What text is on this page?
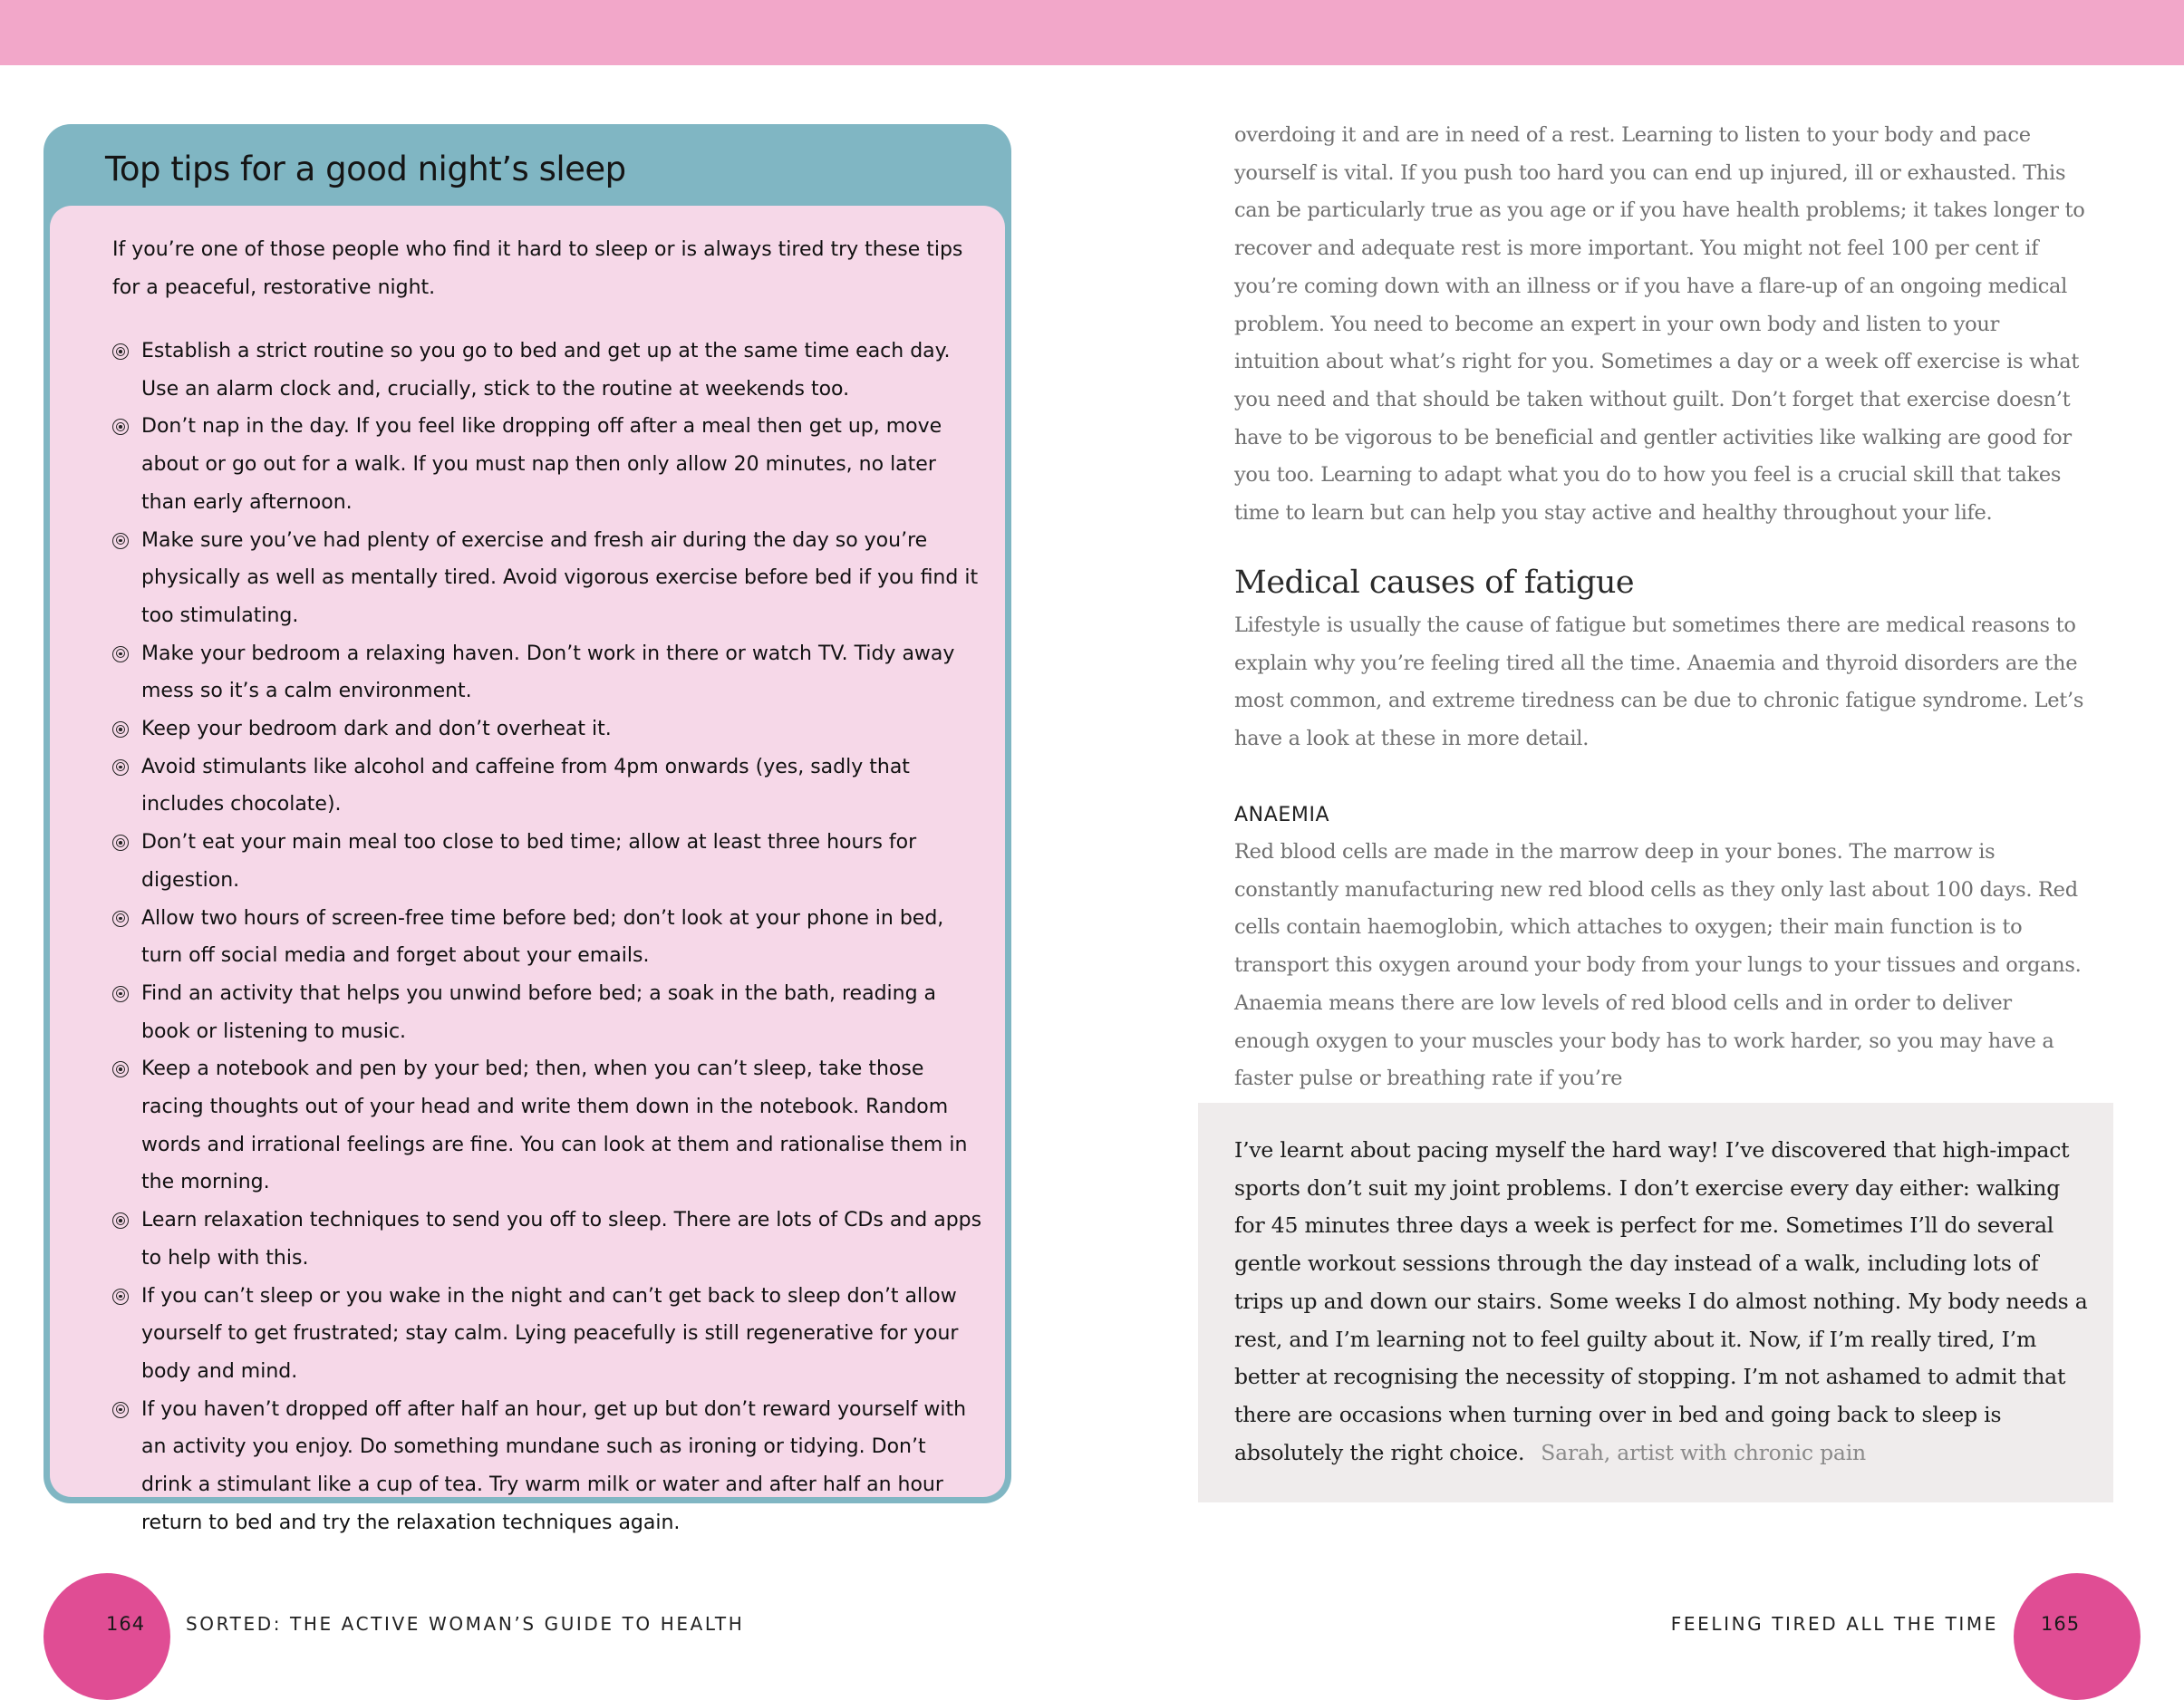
Top tips for a good night’s sleep

If you’re one of those people who find it hard to sleep or is always tired try these tips for a peaceful, restorative night.

Establish a strict routine so you go to bed and get up at the same time each day. Use an alarm clock and, crucially, stick to the routine at weekends too.
Don’t nap in the day. If you feel like dropping off after a meal then get up, move about or go out for a walk. If you must nap then only allow 20 minutes, no later than early afternoon.
Make sure you’ve had plenty of exercise and fresh air during the day so you’re physically as well as mentally tired. Avoid vigorous exercise before bed if you find it too stimulating.
Make your bedroom a relaxing haven. Don’t work in there or watch TV. Tidy away mess so it’s a calm environment.
Keep your bedroom dark and don’t overheat it.
Avoid stimulants like alcohol and caffeine from 4pm onwards (yes, sadly that includes chocolate).
Don’t eat your main meal too close to bed time; allow at least three hours for digestion.
Allow two hours of screen-free time before bed; don’t look at your phone in bed, turn off social media and forget about your emails.
Find an activity that helps you unwind before bed; a soak in the bath, reading a book or listening to music.
Keep a notebook and pen by your bed; then, when you can’t sleep, take those racing thoughts out of your head and write them down in the notebook. Random words and irrational feelings are fine. You can look at them and rationalise them in the morning.
Learn relaxation techniques to send you off to sleep. There are lots of CDs and apps to help with this.
If you can’t sleep or you wake in the night and can’t get back to sleep don’t allow yourself to get frustrated; stay calm. Lying peacefully is still regenerative for your body and mind.
If you haven’t dropped off after half an hour, get up but don’t reward yourself with an activity you enjoy. Do something mundane such as ironing or tidying. Don’t drink a stimulant like a cup of tea. Try warm milk or water and after half an hour return to bed and try the relaxation techniques again.
164 SORTED: THE ACTIVE WOMAN’S GUIDE TO HEALTH

overdoing it and are in need of a rest. Learning to listen to your body and pace yourself is vital. If you push too hard you can end up injured, ill or exhausted. This can be particularly true as you age or if you have health problems; it takes longer to recover and adequate rest is more important. You might not feel 100 per cent if you’re coming down with an illness or if you have a flare-up of an ongoing medical problem. You need to become an expert in your own body and listen to your intuition about what’s right for you. Sometimes a day or a week off exercise is what you need and that should be taken without guilt. Don’t forget that exercise doesn’t have to be vigorous to be beneficial and gentler activities like walking are good for you too. Learning to adapt what you do to how you feel is a crucial skill that takes time to learn but can help you stay active and healthy throughout your life.

Medical causes of fatigue

Lifestyle is usually the cause of fatigue but sometimes there are medical reasons to explain why you’re feeling tired all the time. Anaemia and thyroid disorders are the most common, and extreme tiredness can be due to chronic fatigue syndrome. Let’s have a look at these in more detail.

ANAEMIA

Red blood cells are made in the marrow deep in your bones. The marrow is constantly manufacturing new red blood cells as they only last about 100 days. Red cells contain haemoglobin, which attaches to oxygen; their main function is to transport this oxygen around your body from your lungs to your tissues and organs. Anaemia means there are low levels of red blood cells and in order to deliver enough oxygen to your muscles your body has to work harder, so you may have a faster pulse or breathing rate if you’re

I’ve learnt about pacing myself the hard way! I’ve discovered that high-impact sports don’t suit my joint problems. I don’t exercise every day either: walking for 45 minutes three days a week is perfect for me. Sometimes I’ll do several gentle workout sessions through the day instead of a walk, including lots of trips up and down our stairs. Some weeks I do almost nothing. My body needs a rest, and I’m learning not to feel guilty about it. Now, if I’m really tired, I’m better at recognising the necessity of stopping. I’m not ashamed to admit that there are occasions when turning over in bed and going back to sleep is absolutely the right choice. Sarah, artist with chronic pain

FEELING TIRED ALL THE TIME 165
